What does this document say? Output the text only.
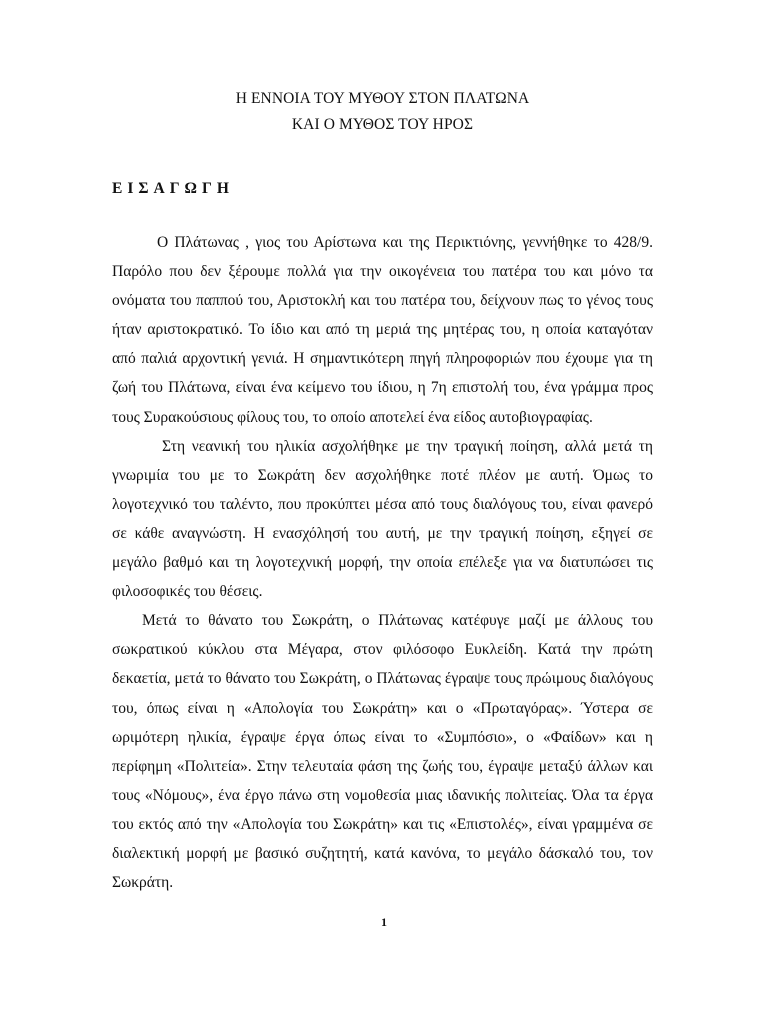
Η ΕΝΝΟΙΑ ΤΟΥ ΜΥΘΟΥ ΣΤΟΝ ΠΛΑΤΩΝΑ
ΚΑΙ Ο ΜΥΘΟΣ ΤΟΥ ΗΡΟΣ
ΕΙΣΑΓΩΓΗ

Ο Πλάτωνας , γιος του Αρίστωνα και της Περικτιόνης, γεννήθηκε το 428/9. Παρόλο που δεν ξέρουμε πολλά για την οικογένεια του πατέρα του και μόνο τα ονόματα του παππού του, Αριστοκλή και του πατέρα του, δείχνουν πως το γένος τους ήταν αριστοκρατικό. Το ίδιο και από τη μεριά της μητέρας του, η οποία καταγόταν από παλιά αρχοντική γενιά. Η σημαντικότερη πηγή πληροφοριών που έχουμε για τη ζωή του Πλάτωνα, είναι ένα κείμενο του ίδιου, η 7η επιστολή του, ένα γράμμα προς τους Συρακούσιους φίλους του, το οποίο αποτελεί ένα είδος αυτοβιογραφίας.

Στη νεανική του ηλικία ασχολήθηκε με την τραγική ποίηση, αλλά μετά τη γνωριμία του με το Σωκράτη δεν ασχολήθηκε ποτέ πλέον με αυτή. Όμως το λογοτεχνικό του ταλέντο, που προκύπτει μέσα από τους διαλόγους του, είναι φανερό σε κάθε αναγνώστη. Η ενασχόλησή του αυτή, με την τραγική ποίηση, εξηγεί σε μεγάλο βαθμό και τη λογοτεχνική μορφή, την οποία επέλεξε για να διατυπώσει τις φιλοσοφικές του θέσεις.

Μετά το θάνατο του Σωκράτη, ο Πλάτωνας κατέφυγε μαζί με άλλους του σωκρατικού κύκλου στα Μέγαρα, στον φιλόσοφο Ευκλείδη. Κατά την πρώτη δεκαετία, μετά το θάνατο του Σωκράτη, ο Πλάτωνας έγραψε τους πρώιμους διαλόγους του, όπως είναι η «Απολογία του Σωκράτη» και ο «Πρωταγόρας». Ύστερα σε ωριμότερη ηλικία, έγραψε έργα όπως είναι το «Συμπόσιο», ο «Φαίδων» και η περίφημη «Πολιτεία». Στην τελευταία φάση της ζωής του, έγραψε μεταξύ άλλων και τους «Νόμους», ένα έργο πάνω στη νομοθεσία μιας ιδανικής πολιτείας. Όλα τα έργα του εκτός από την «Απολογία του Σωκράτη» και τις «Επιστολές», είναι γραμμένα σε διαλεκτική μορφή με βασικό συζητητή, κατά κανόνα, το μεγάλο δάσκαλό του, τον Σωκράτη.

1
